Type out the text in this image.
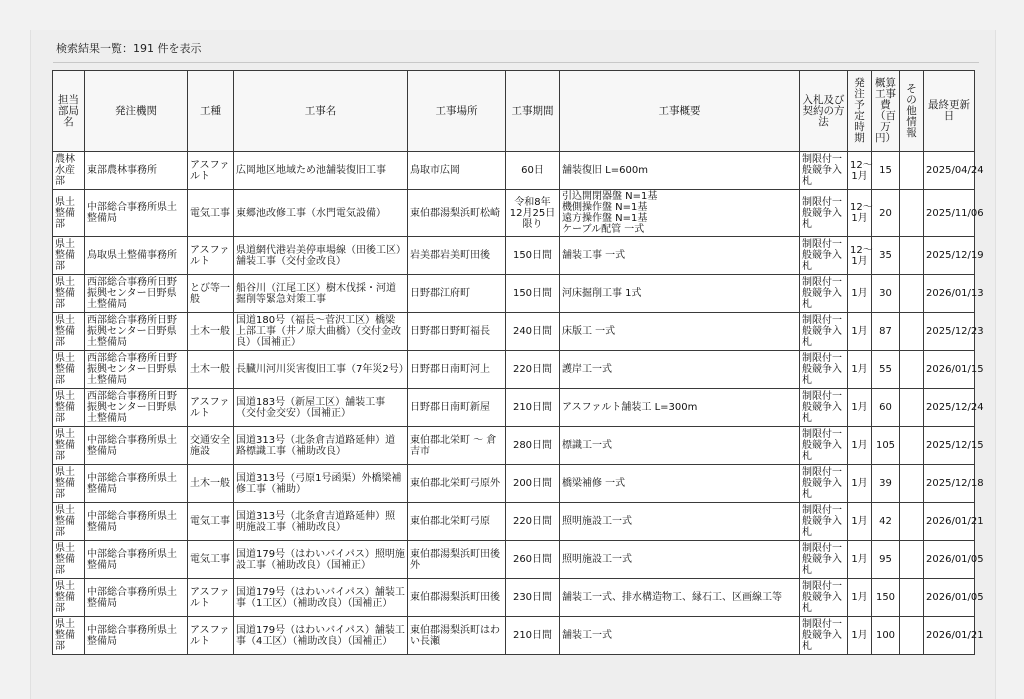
検索結果一覧：191 件を表示
担当部局名	発注機関	工種	工事名	工事場所	工事期間	工事概要	入札及び契約の方法	発注予定時期	概算工事費（百万円）	その他情報	最終更新日
農林水産部	東部農林事務所	アスファルト	広岡地区地域ため池舗装復旧工事	鳥取市広岡	60日	舗装復旧 L=600m	制限付一般競争入札	12〜1月	15		2025/04/24
県土整備部	中部総合事務所県土整備局	電気工事	東郷池改修工事（水門電気設備）	東伯郡湯梨浜町松崎	令和8年12月25日限り	引込開閉器盤 N=1基
機側操作盤 N=1基
遠方操作盤 N=1基
ケーブル配管 一式	制限付一般競争入札	12〜1月	20		2025/11/06
県土整備部	鳥取県土整備事務所	アスファルト	県道網代港岩美停車場線（田後工区）舗装工事（交付金改良）	岩美郡岩美町田後	150日間	舗装工事 一式	制限付一般競争入札	12〜1月	35		2025/12/19
県土整備部	西部総合事務所日野振興センター日野県土整備局	とび等一般	船谷川（江尾工区）樹木伐採・河道掘削等緊急対策工事	日野郡江府町	150日間	河床掘削工事 1式	制限付一般競争入札	1月	30		2026/01/13
県土整備部	西部総合事務所日野振興センター日野県土整備局	土木一般	国道180号（福長〜菅沢工区）橋梁上部工事（井ノ原大曲橋）（交付金改良）（国補正）	日野郡日野町福長	240日間	床版工 一式	制限付一般競争入札	1月	87		2025/12/23
県土整備部	西部総合事務所日野振興センター日野県土整備局	土木一般	長臓川河川災害復旧工事（7年災2号）	日野郡日南町河上	220日間	護岸工一式	制限付一般競争入札	1月	55		2026/01/15
県土整備部	西部総合事務所日野振興センター日野県土整備局	アスファルト	国道183号（新屋工区）舗装工事（交付金交安）（国補正）	日野郡日南町新屋	210日間	アスファルト舗装工 L=300m	制限付一般競争入札	1月	60		2025/12/24
県土整備部	中部総合事務所県土整備局	交通安全施設	国道313号（北条倉吉道路延伸）道路標識工事（補助改良）	東伯郡北栄町 〜 倉吉市	280日間	標識工一式	制限付一般競争入札	1月	105		2025/12/15
県土整備部	中部総合事務所県土整備局	土木一般	国道313号（弓原1号函渠）外橋梁補修工事（補助）	東伯郡北栄町弓原外	200日間	橋梁補修 一式	制限付一般競争入札	1月	39		2025/12/18
県土整備部	中部総合事務所県土整備局	電気工事	国道313号（北条倉吉道路延伸）照明施設工事（補助改良）	東伯郡北栄町弓原	220日間	照明施設工一式	制限付一般競争入札	1月	42		2026/01/21
県土整備部	中部総合事務所県土整備局	電気工事	国道179号（はわいバイパス）照明施設工事（補助改良）（国補正）	東伯郡湯梨浜町田後外	260日間	照明施設工一式	制限付一般競争入札	1月	95		2026/01/05
県土整備部	中部総合事務所県土整備局	アスファルト	国道179号（はわいバイパス）舗装工事（1工区）（補助改良）（国補正）	東伯郡湯梨浜町田後	230日間	舗装工一式、排水構造物工、縁石工、区画線工等	制限付一般競争入札	1月	150		2026/01/05
県土整備部	中部総合事務所県土整備局	アスファルト	国道179号（はわいバイパス）舗装工事（4工区）（補助改良）（国補正）	東伯郡湯梨浜町はわい長瀬	210日間	舗装工一式	制限付一般競争入札	1月	100		2026/01/21
